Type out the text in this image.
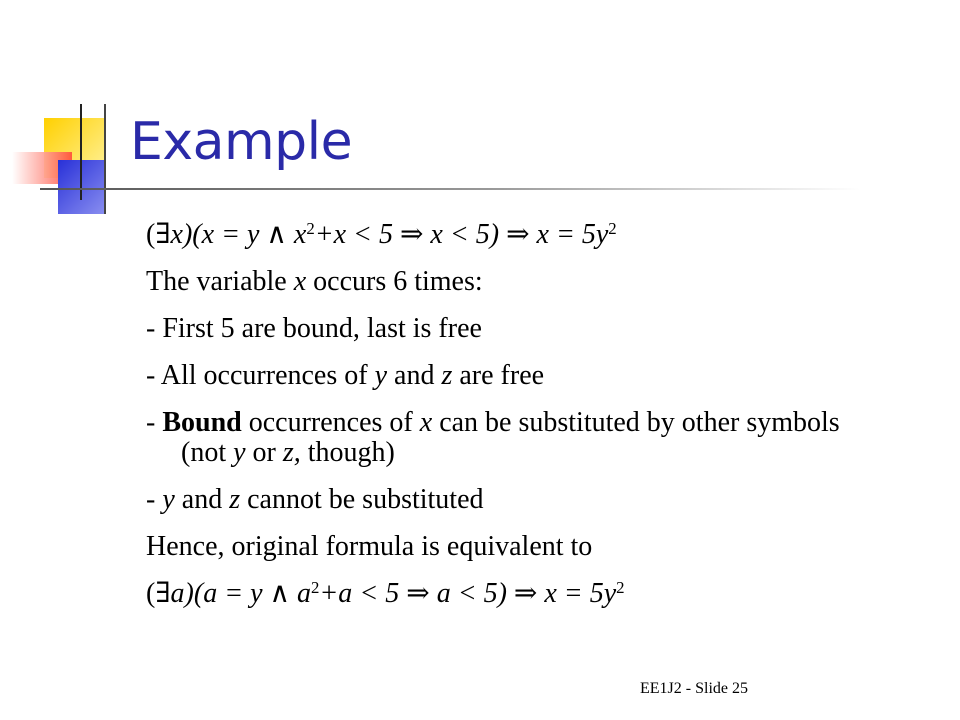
Example
(∃x)(x = y ∧ $x^2+x < 5$ ⇒ x < 5) ⇒ $x = 5y^2$
The variable x occurs 6 times:
- First 5 are bound, last is free
- All occurrences of y and z are free
- Bound occurrences of x can be substituted by other symbols (not y or z, though)
- y and z cannot be substituted
Hence, original formula is equivalent to
(∃a)(a = y ∧ $a^2+a < 5$ ⇒ a < 5) ⇒ $x = 5y^2$
EE1J2 - Slide 25
